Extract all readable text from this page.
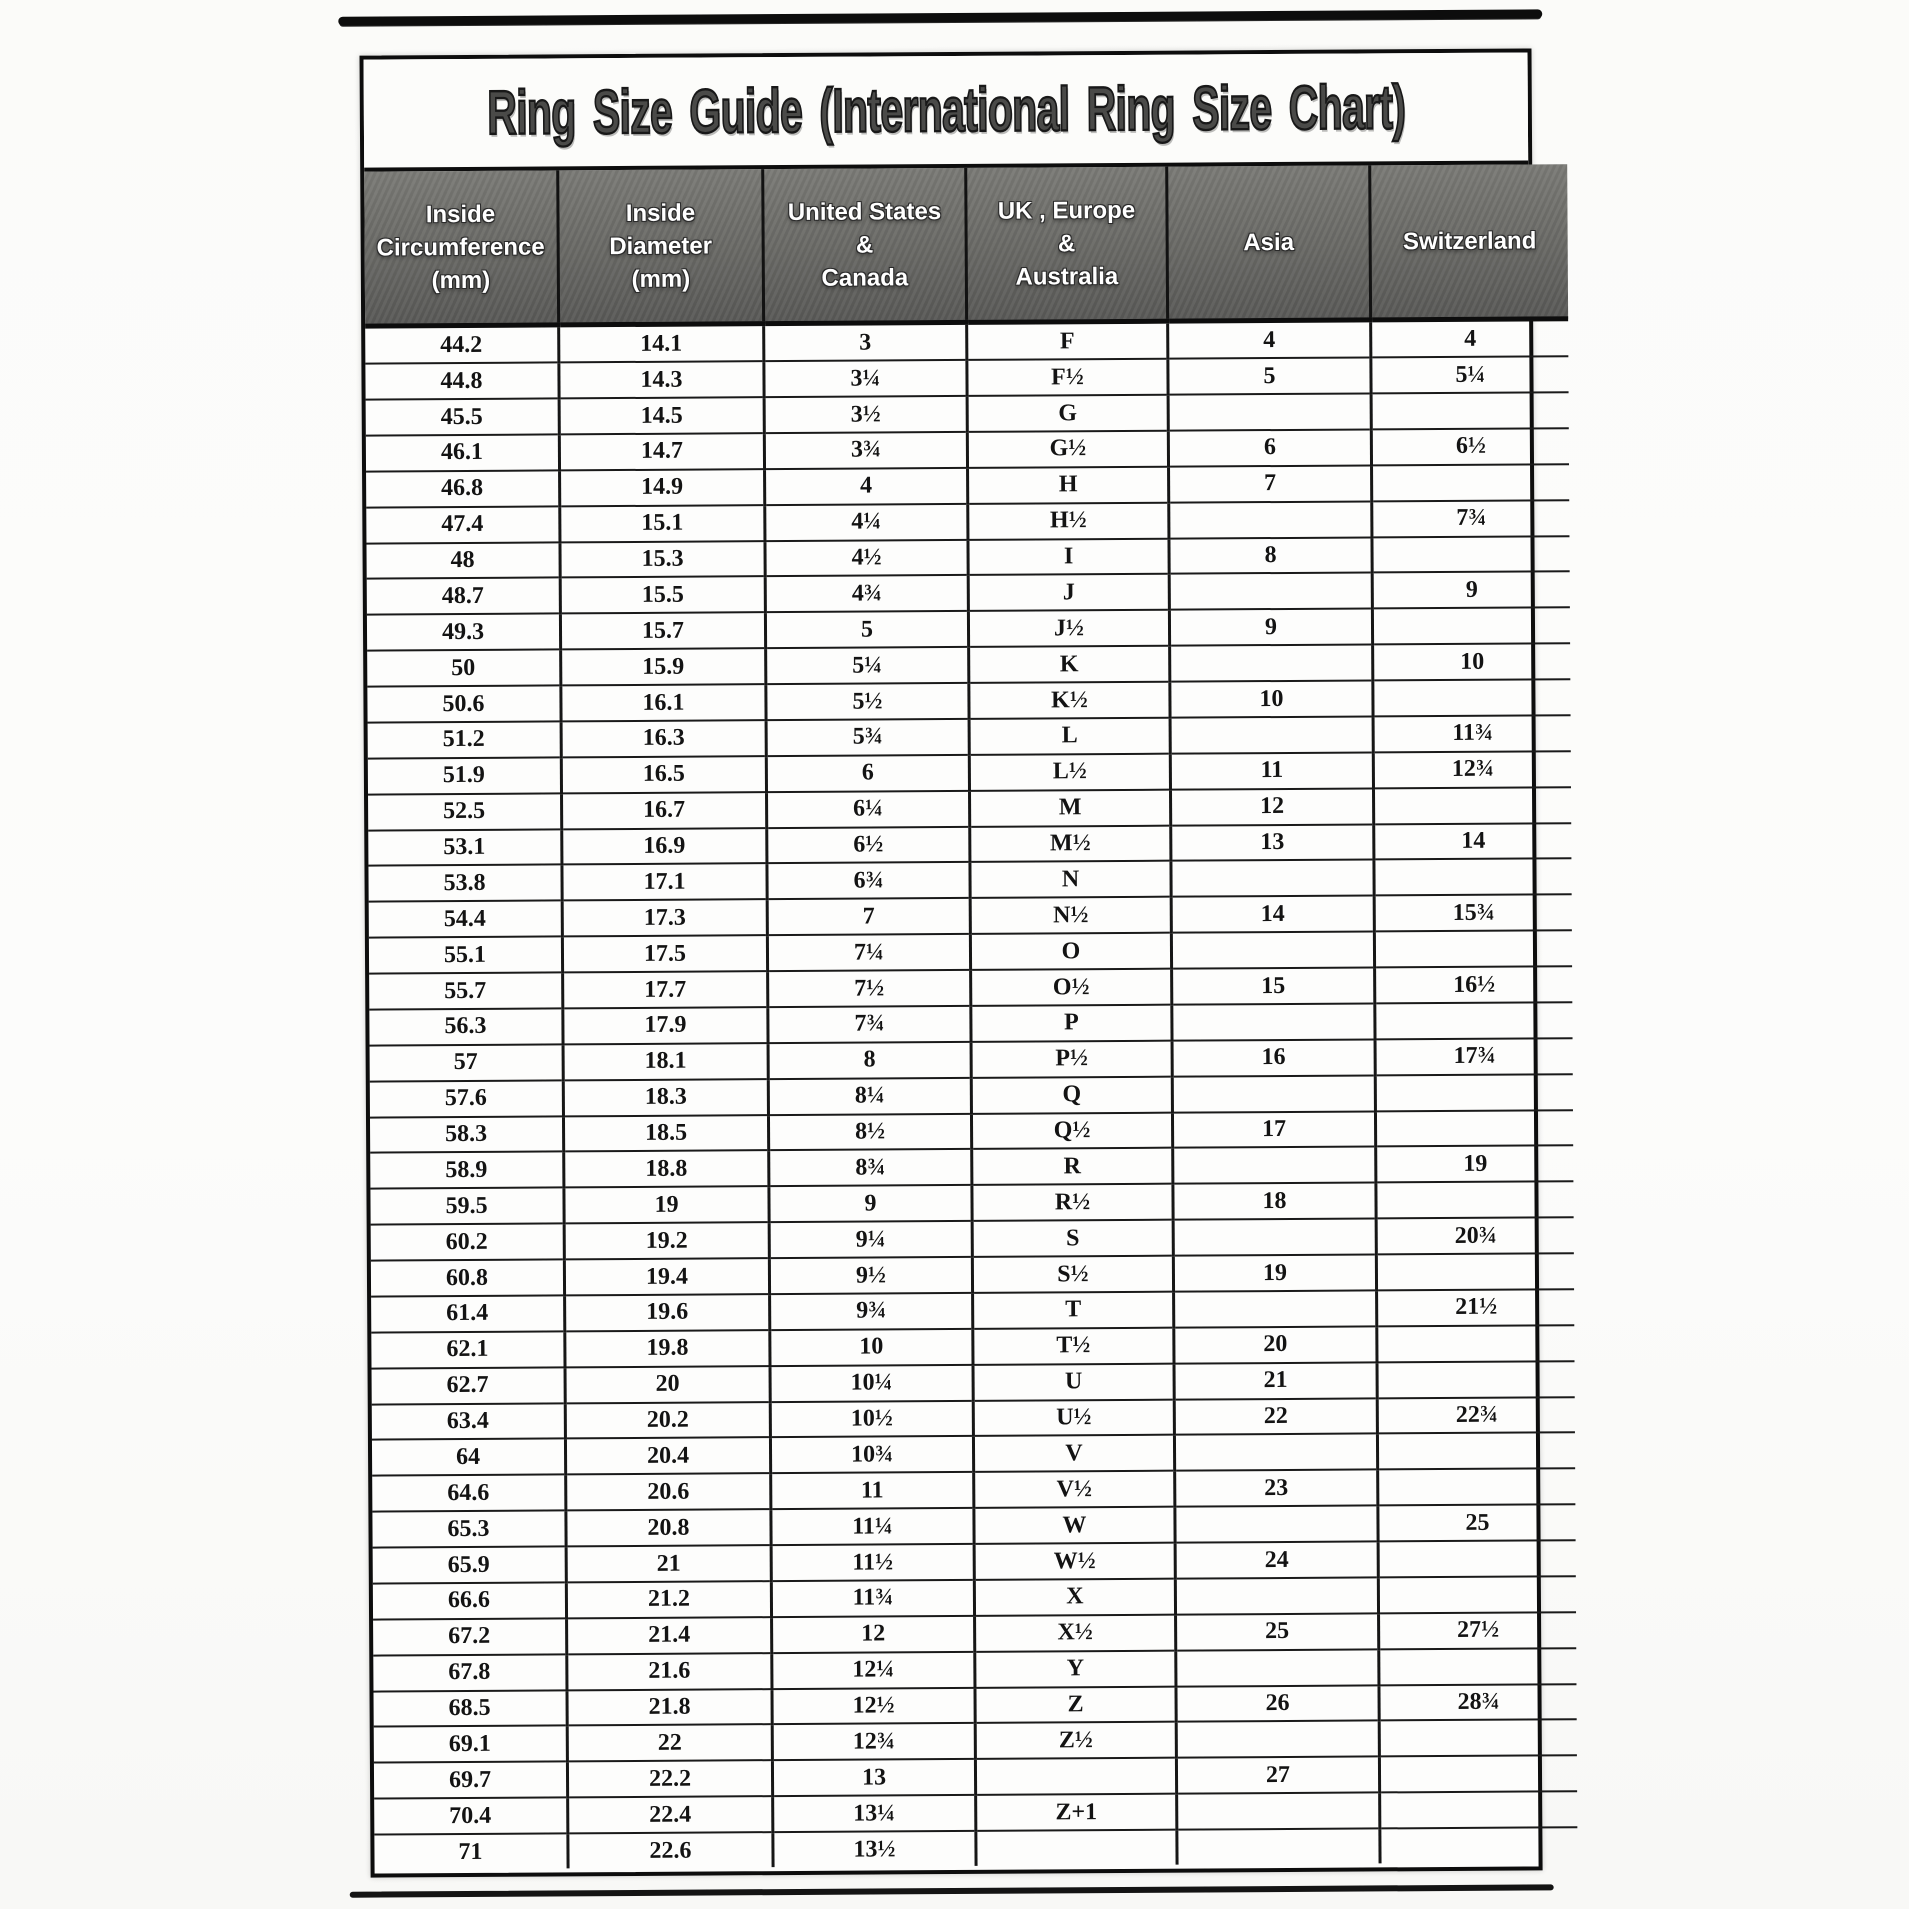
Ring Size Guide (International Ring Size Chart)
Inside
Circumference
(mm)	Inside
Diameter
(mm)	United States
&
Canada	UK , Europe
&
Australia	Asia	Switzerland
44.2	14.1	3	F	4	4
44.8	14.3	3¼	F½	5	5¼
45.5	14.5	3½	G		
46.1	14.7	3¾	G½	6	6½
46.8	14.9	4	H	7	
47.4	15.1	4¼	H½		7¾
48	15.3	4½	I	8	
48.7	15.5	4¾	J		9
49.3	15.7	5	J½	9	
50	15.9	5¼	K		10
50.6	16.1	5½	K½	10	
51.2	16.3	5¾	L		11¾
51.9	16.5	6	L½	11	12¾
52.5	16.7	6¼	M	12	
53.1	16.9	6½	M½	13	14
53.8	17.1	6¾	N		
54.4	17.3	7	N½	14	15¾
55.1	17.5	7¼	O		
55.7	17.7	7½	O½	15	16½
56.3	17.9	7¾	P		
57	18.1	8	P½	16	17¾
57.6	18.3	8¼	Q		
58.3	18.5	8½	Q½	17	
58.9	18.8	8¾	R		19
59.5	19	9	R½	18	
60.2	19.2	9¼	S		20¾
60.8	19.4	9½	S½	19	
61.4	19.6	9¾	T		21½
62.1	19.8	10	T½	20	
62.7	20	10¼	U	21	
63.4	20.2	10½	U½	22	22¾
64	20.4	10¾	V		
64.6	20.6	11	V½	23	
65.3	20.8	11¼	W		25
65.9	21	11½	W½	24	
66.6	21.2	11¾	X		
67.2	21.4	12	X½	25	27½
67.8	21.6	12¼	Y		
68.5	21.8	12½	Z	26	28¾
69.1	22	12¾	Z½		
69.7	22.2	13		27	
70.4	22.4	13¼	Z+1		
71	22.6	13½			
